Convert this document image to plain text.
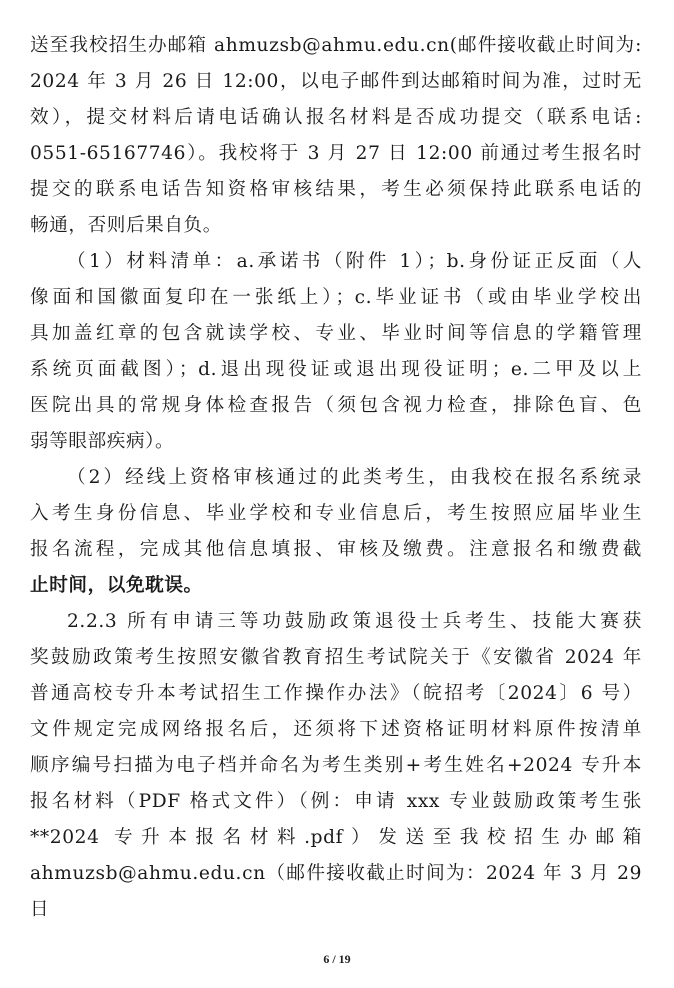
送至我校招生办邮箱 ahmuzsb@ahmu.edu.cn(邮件接收截止时间为:
2024 年 3 月 26 日 12:00，以电子邮件到达邮箱时间为准，过时无
效），提交材料后请电话确认报名材料是否成功提交（联系电话:
0551-65167746）。我校将于 3 月 27 日 12:00 前通过考生报名时
提交的联系电话告知资格审核结果，考生必须保持此联系电话的
畅通，否则后果自负。
（1）材料清单：a.承诺书（附件 1）；b.身份证正反面（人
像面和国徽面复印在一张纸上）；c.毕业证书（或由毕业学校出
具加盖红章的包含就读学校、专业、毕业时间等信息的学籍管理
系统页面截图）；d.退出现役证或退出现役证明；e.二甲及以上
医院出具的常规身体检查报告（须包含视力检查，排除色盲、色
弱等眼部疾病）。
（2）经线上资格审核通过的此类考生，由我校在报名系统录
入考生身份信息、毕业学校和专业信息后，考生按照应届毕业生
报名流程，完成其他信息填报、审核及缴费。注意报名和缴费截
止时间，以免耽误。
2.2.3 所有申请三等功鼓励政策退役士兵考生、技能大赛获
奖鼓励政策考生按照安徽省教育招生考试院关于《安徽省 2024 年
普通高校专升本考试招生工作操作办法》（皖招考〔2024〕6 号）
文件规定完成网络报名后，还须将下述资格证明材料原件按清单
顺序编号扫描为电子档并命名为考生类别+考生姓名+2024 专升本
报名材料（PDF 格式文件）（例：申请 xxx 专业鼓励政策考生张
**2024 专升本报名材料.pdf）发送至我校招生办邮箱
ahmuzsb@ahmu.edu.cn（邮件接收截止时间为：2024 年 3 月 29 日
6 / 19
